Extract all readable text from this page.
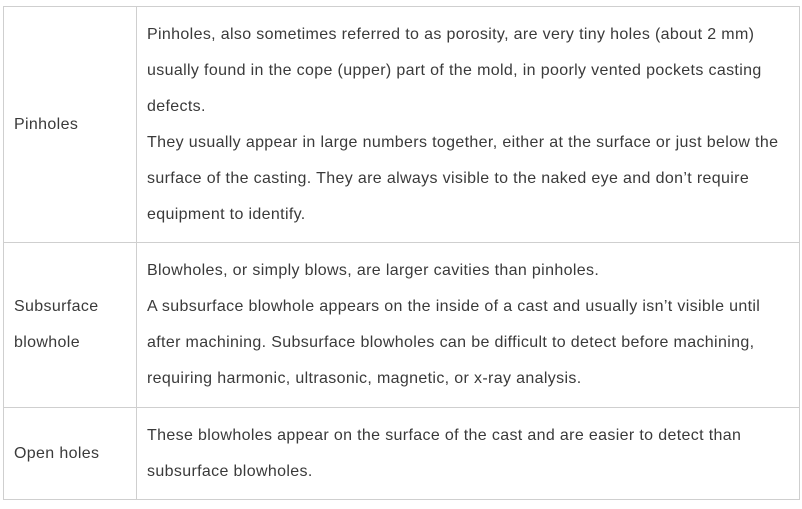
Pinholes	Pinholes, also sometimes referred to as porosity, are very tiny holes (about 2 mm) usually found in the cope (upper) part of the mold, in poorly vented pockets casting defects.

They usually appear in large numbers together, either at the surface or just below the surface of the casting. They are always visible to the naked eye and don’t require equipment to identify.

Subsurface blowhole	Blowholes, or simply blows, are larger cavities than pinholes.

A subsurface blowhole appears on the inside of a cast and usually isn’t visible until after machining. Subsurface blowholes can be difficult to detect before machining, requiring harmonic, ultrasonic, magnetic, or x-ray analysis.

Open holes	These blowholes appear on the surface of the cast and are easier to detect than subsurface blowholes.
